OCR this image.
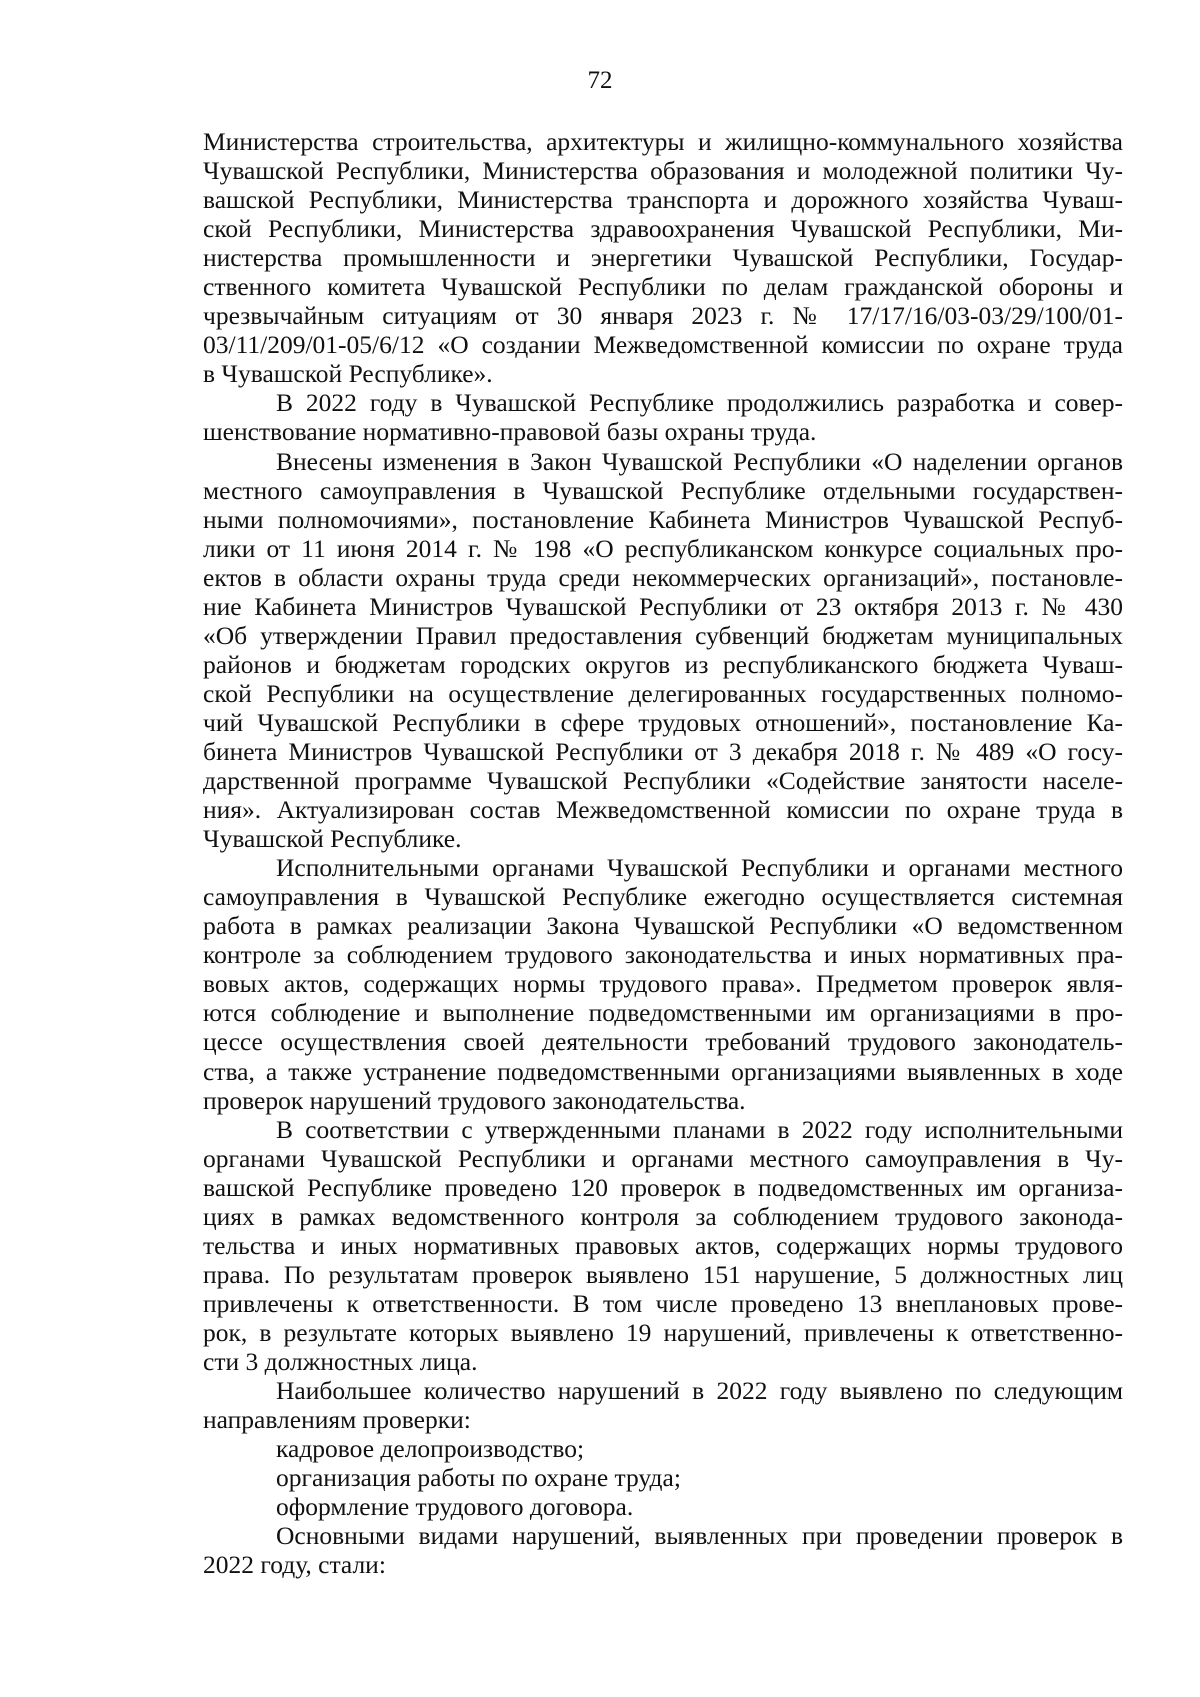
72
Министерства строительства, архитектуры и жилищно-коммунального хозяйства
Чувашской Республики, Министерства образования и молодежной политики Чу-
вашской Республики, Министерства транспорта и дорожного хозяйства Чуваш-
ской Республики, Министерства здравоохранения Чувашской Республики, Ми-
нистерства промышленности и энергетики Чувашской Республики, Государ-
ственного комитета Чувашской Республики по делам гражданской обороны и
чрезвычайным ситуациям от 30 января 2023 г. № 17/17/16/03-03/29/100/01-
03/11/209/01-05/6/12 «О создании Межведомственной комиссии по охране труда
в Чувашской Республике».
В 2022 году в Чувашской Республике продолжились разработка и совер-
шенствование нормативно-правовой базы охраны труда.
Внесены изменения в Закон Чувашской Республики «О наделении органов
местного самоуправления в Чувашской Республике отдельными государствен-
ными полномочиями», постановление Кабинета Министров Чувашской Респуб-
лики от 11 июня 2014 г. № 198 «О республиканском конкурсе социальных про-
ектов в области охраны труда среди некоммерческих организаций», постановле-
ние Кабинета Министров Чувашской Республики от 23 октября 2013 г. № 430
«Об утверждении Правил предоставления субвенций бюджетам муниципальных
районов и бюджетам городских округов из республиканского бюджета Чуваш-
ской Республики на осуществление делегированных государственных полномо-
чий Чувашской Республики в сфере трудовых отношений», постановление Ка-
бинета Министров Чувашской Республики от 3 декабря 2018 г. № 489 «О госу-
дарственной программе Чувашской Республики «Содействие занятости населе-
ния». Актуализирован состав Межведомственной комиссии по охране труда в
Чувашской Республике.
Исполнительными органами Чувашской Республики и органами местного
самоуправления в Чувашской Республике ежегодно осуществляется системная
работа в рамках реализации Закона Чувашской Республики «О ведомственном
контроле за соблюдением трудового законодательства и иных нормативных пра-
вовых актов, содержащих нормы трудового права». Предметом проверок явля-
ются соблюдение и выполнение подведомственными им организациями в про-
цессе осуществления своей деятельности требований трудового законодатель-
ства, а также устранение подведомственными организациями выявленных в ходе
проверок нарушений трудового законодательства.
В соответствии с утвержденными планами в 2022 году исполнительными
органами Чувашской Республики и органами местного самоуправления в Чу-
вашской Республике проведено 120 проверок в подведомственных им организа-
циях в рамках ведомственного контроля за соблюдением трудового законода-
тельства и иных нормативных правовых актов, содержащих нормы трудового
права. По результатам проверок выявлено 151 нарушение, 5 должностных лиц
привлечены к ответственности. В том числе проведено 13 внеплановых прове-
рок, в результате которых выявлено 19 нарушений, привлечены к ответственно-
сти 3 должностных лица.
Наибольшее количество нарушений в 2022 году выявлено по следующим
направлениям проверки:
кадровое делопроизводство;
организация работы по охране труда;
оформление трудового договора.
Основными видами нарушений, выявленных при проведении проверок в
2022 году, стали:
